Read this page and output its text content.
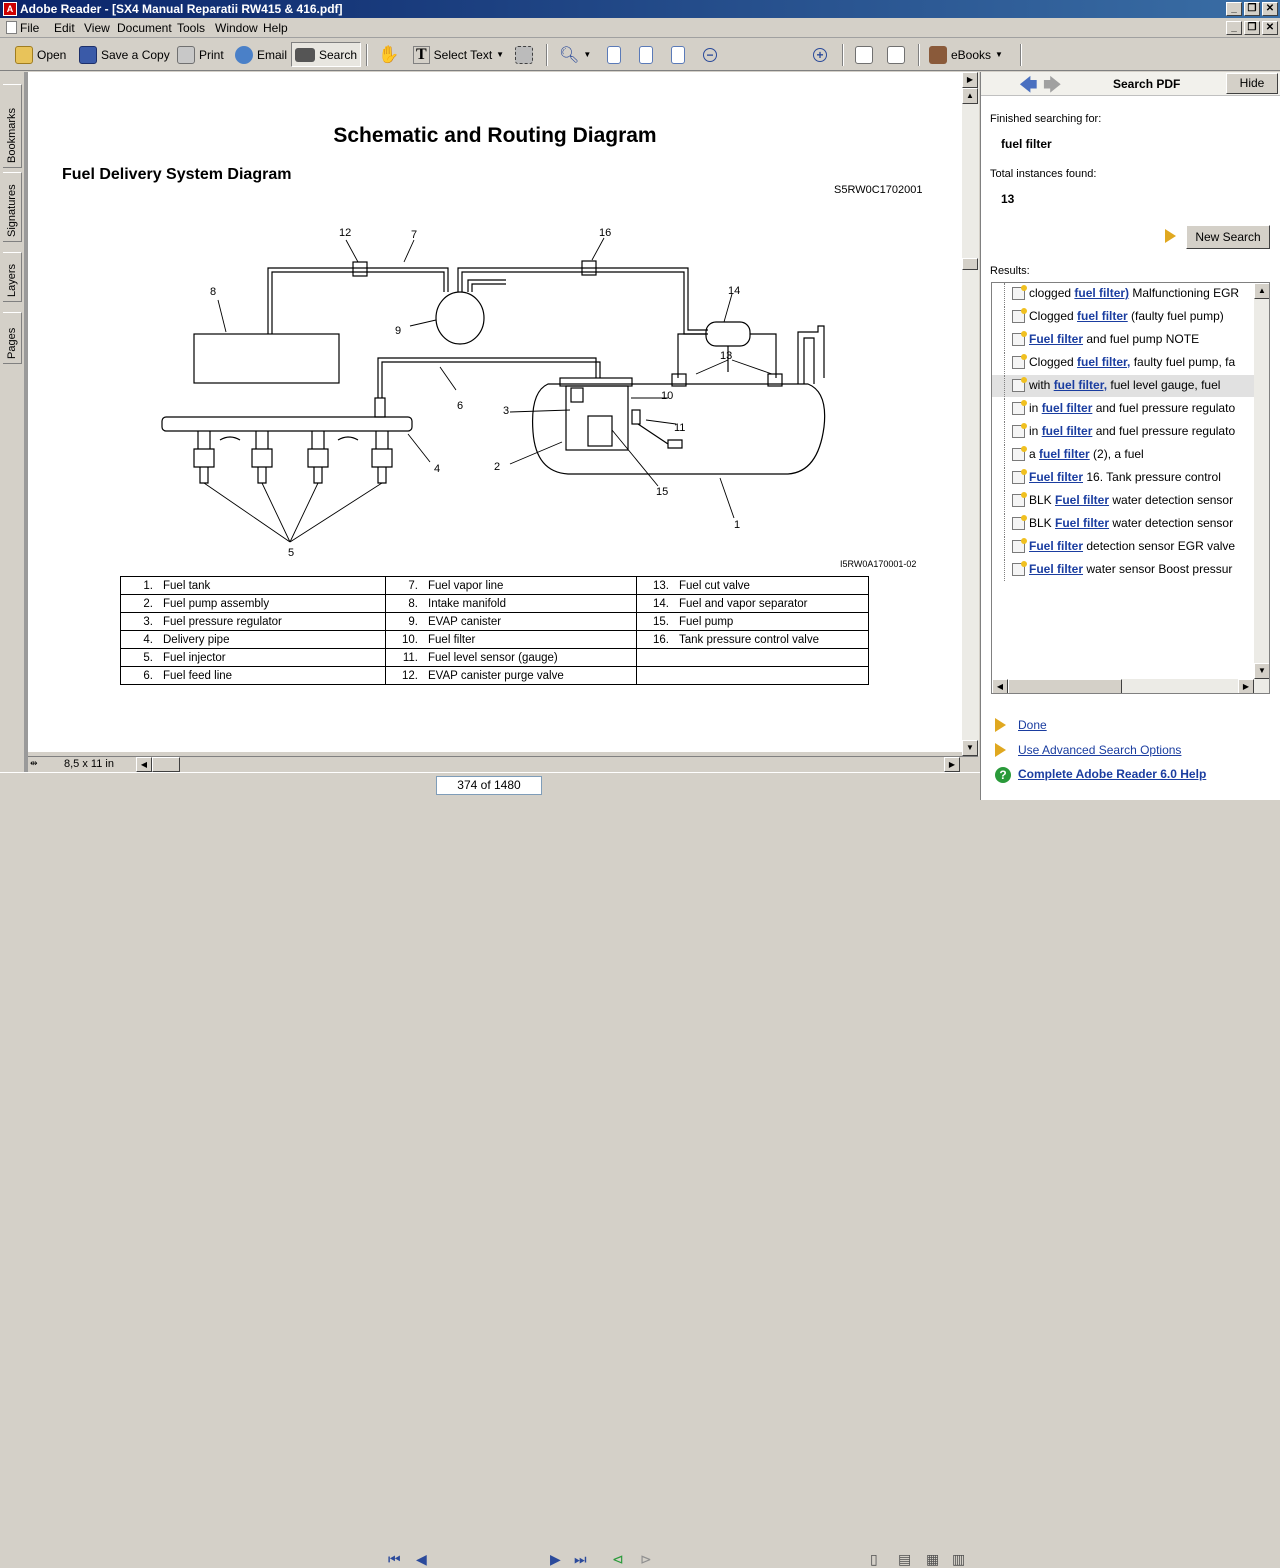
A Adobe Reader - [SX4 Manual Reparatii RW415 & 416.pdf]	_	❐ ✕
File Edit View Document Tools Window Help	_	❐ ✕
Open	Save a Copy Print	Email	Search ✋ T Select Text ▼	🔍︎ ▼	−	+	eBooks ▼
Bookmarks
Signatures
Layers
Pages
Schematic and Routing Diagram
Fuel Delivery System Diagram
S5RW0C1702001
I5RW0A170001-02
1
2
3
4
5
6
7
8
9
10
11
12
13
14
15
16
1. Fuel tank	7. Fuel vapor line	13. Fuel cut valve
2. Fuel pump assembly	8. Intake manifold	14. Fuel and vapor separator
3. Fuel pressure regulator	9. EVAP canister	15. Fuel pump
4. Delivery pipe	10. Fuel filter	16. Tank pressure control valve
5. Fuel injector	11. Fuel level sensor (gauge)	
6. Fuel feed line	12. EVAP canister purge valve	
▶
▲
▼
⇹ 8,5 x 11 in	◀	▶
⏮ ◀	▶ ⏭ ⊲ ⊳	▯ ▤ ▦ ▥
374 of 1480
🡄 🡆	Search PDF	Hide
Finished searching for:
fuel filter
Total instances found:
13
New Search
Results:
clogged fuel filter) Malfunctioning EGR
Clogged fuel filter (faulty fuel pump)
Fuel filter and fuel pump NOTE
Clogged fuel filter, faulty fuel pump, fa
with fuel filter, fuel level gauge, fuel
in fuel filter and fuel pressure regulato
in fuel filter and fuel pressure regulato
a fuel filter (2), a fuel
Fuel filter 16. Tank pressure control
BLK Fuel filter water detection sensor
BLK Fuel filter water detection sensor
Fuel filter detection sensor EGR valve
Fuel filter water sensor Boost pressur
▲
▼
◀	▶
Done
Use Advanced Search Options
? Complete Adobe Reader 6.0 Help
